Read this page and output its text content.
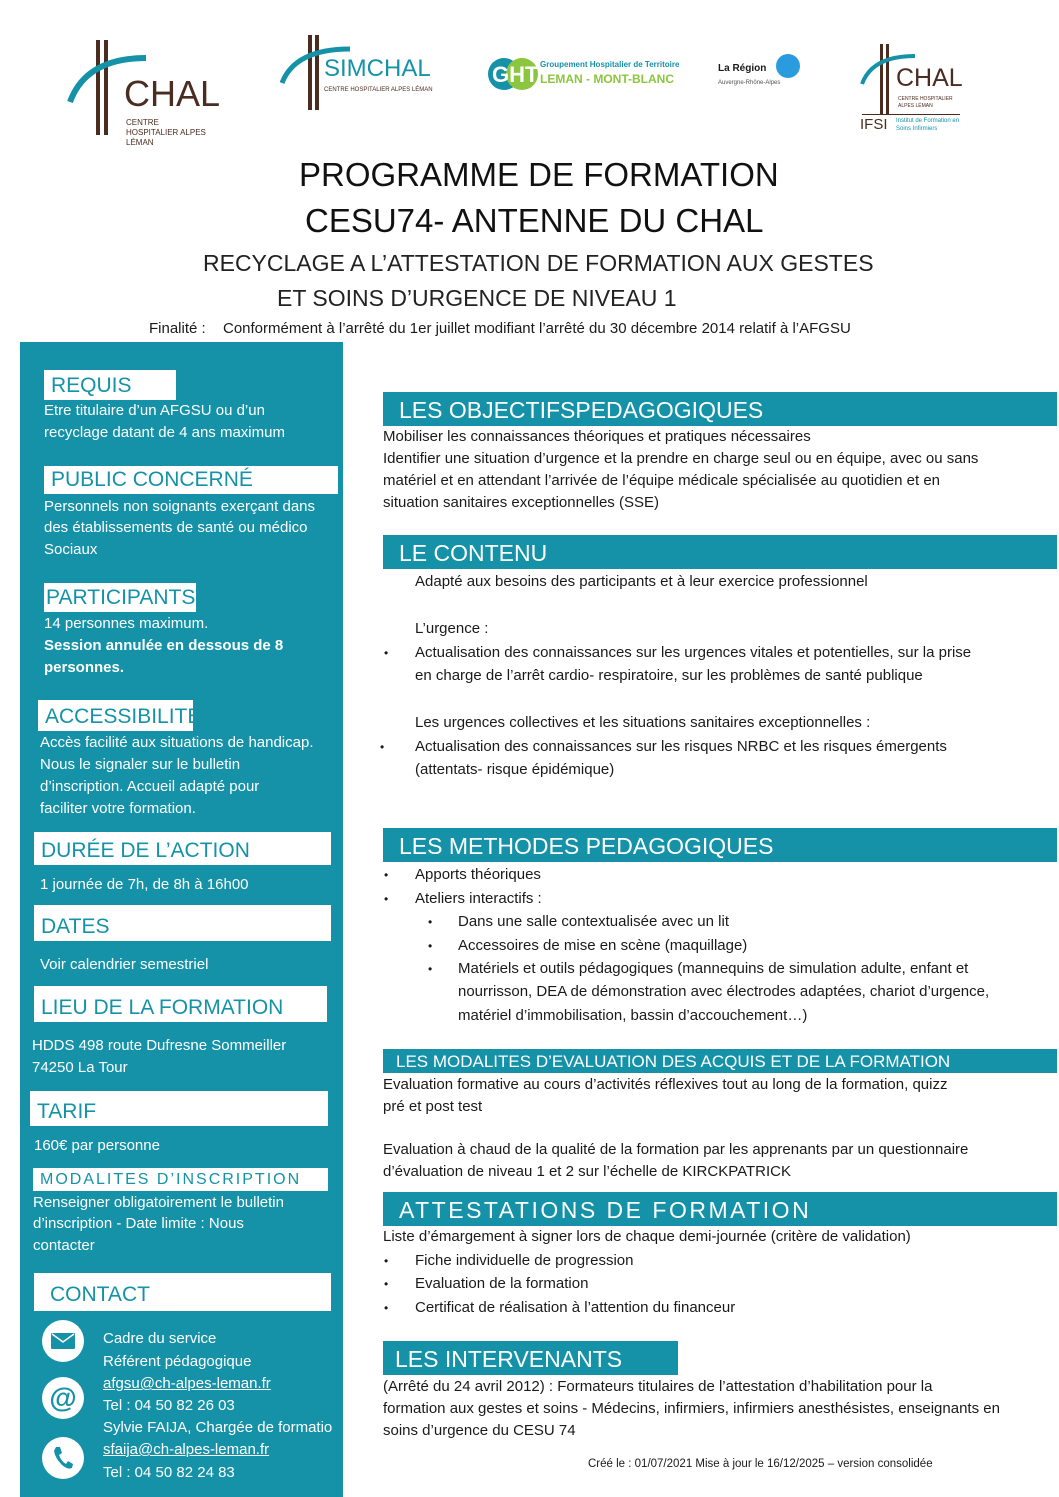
CHAL
CENTRE HOSPITALIER ALPES LÉMAN
SIMCHAL
CENTRE HOSPITALIER ALPES LÉMAN
GHT Groupement Hospitalier de Territoire
LEMAN - MONT-BLANC
La Région
Auvergne-Rhône-Alpes	CHAL
CENTRE HOSPITALIER ALPES LÉMAN
IFSI Institut de Formation en Soins Infirmiers
PROGRAMME DE FORMATION
CESU74- ANTENNE DU CHAL
RECYCLAGE A L’ATTESTATION DE FORMATION AUX GESTES
ET SOINS D’URGENCE DE NIVEAU 1
Finalité : Conformément à l’arrêté du 1er juillet modifiant l’arrêté du 30 décembre 2014 relatif à l’AFGSU
PRE REQUIS
Etre titulaire d’un AFGSU ou d’un
recyclage datant de 4 ans maximum
PUBLIC CONCERNÉ
Personnels non soignants exerçant dans
des établissements de santé ou médico
Sociaux
PARTICIPANTS
14 personnes maximum.
Session annulée en dessous de 8
personnes.
ACCESSIBILITE
Accès facilité aux situations de handicap.
Nous le signaler sur le bulletin
d’inscription. Accueil adapté pour
faciliter votre formation.
DURÉE DE L’ACTION
1 journée de 7h, de 8h à 16h00
DATES
Voir calendrier semestriel
LIEU DE LA FORMATION
HDDS 498 route Dufresne Sommeiller
74250 La Tour
TARIF
160€ par personne
MODALITES D’INSCRIPTION
Renseigner obligatoirement le bulletin
d’inscription - Date limite : Nous
contacter
CONTACT
@
Cadre du service
Référent pédagogique
afgsu@ch-alpes-leman.fr
Tel : 04 50 82 26 03
Sylvie FAIJA, Chargée de formatio
sfaija@ch-alpes-leman.fr
Tel : 04 50 82 24 83
LES OBJECTIFSPEDAGOGIQUES
Mobiliser les connaissances théoriques et pratiques nécessaires
Identifier une situation d’urgence et la prendre en charge seul ou en équipe, avec ou sans
matériel et en attendant l’arrivée de l’équipe médicale spécialisée au quotidien et en
situation sanitaires exceptionnelles (SSE)
LE CONTENU
Adapté aux besoins des participants et à leur exercice professionnel
L’urgence :
• Actualisation des connaissances sur les urgences vitales et potentielles, sur la prise
en charge de l’arrêt cardio- respiratoire, sur les problèmes de santé publique
Les urgences collectives et les situations sanitaires exceptionnelles :
• Actualisation des connaissances sur les risques NRBC et les risques émergents
(attentats- risque épidémique)
LES METHODES PEDAGOGIQUES
• Apports théoriques
• Ateliers interactifs :
• Dans une salle contextualisée avec un lit
• Accessoires de mise en scène (maquillage)
• Matériels et outils pédagogiques (mannequins de simulation adulte, enfant et
nourrisson, DEA de démonstration avec électrodes adaptées, chariot d’urgence,
matériel d’immobilisation, bassin d’accouchement…)
LES MODALITES D’EVALUATION DES ACQUIS ET DE LA FORMATION
Evaluation formative au cours d’activités réflexives tout au long de la formation, quizz
pré et post test
Evaluation à chaud de la qualité de la formation par les apprenants par un questionnaire
d’évaluation de niveau 1 et 2 sur l’échelle de KIRCKPATRICK
ATTESTATIONS DE FORMATION
Liste d’émargement à signer lors de chaque demi-journée (critère de validation)
• Fiche individuelle de progression
• Evaluation de la formation
• Certificat de réalisation à l’attention du financeur
LES INTERVENANTS
(Arrêté du 24 avril 2012) : Formateurs titulaires de l’attestation d’habilitation pour la
formation aux gestes et soins - Médecins, infirmiers, infirmiers anesthésistes, enseignants en
soins d’urgence du CESU 74
Créé le : 01/07/2021 Mise à jour le 16/12/2025 – version consolidée
